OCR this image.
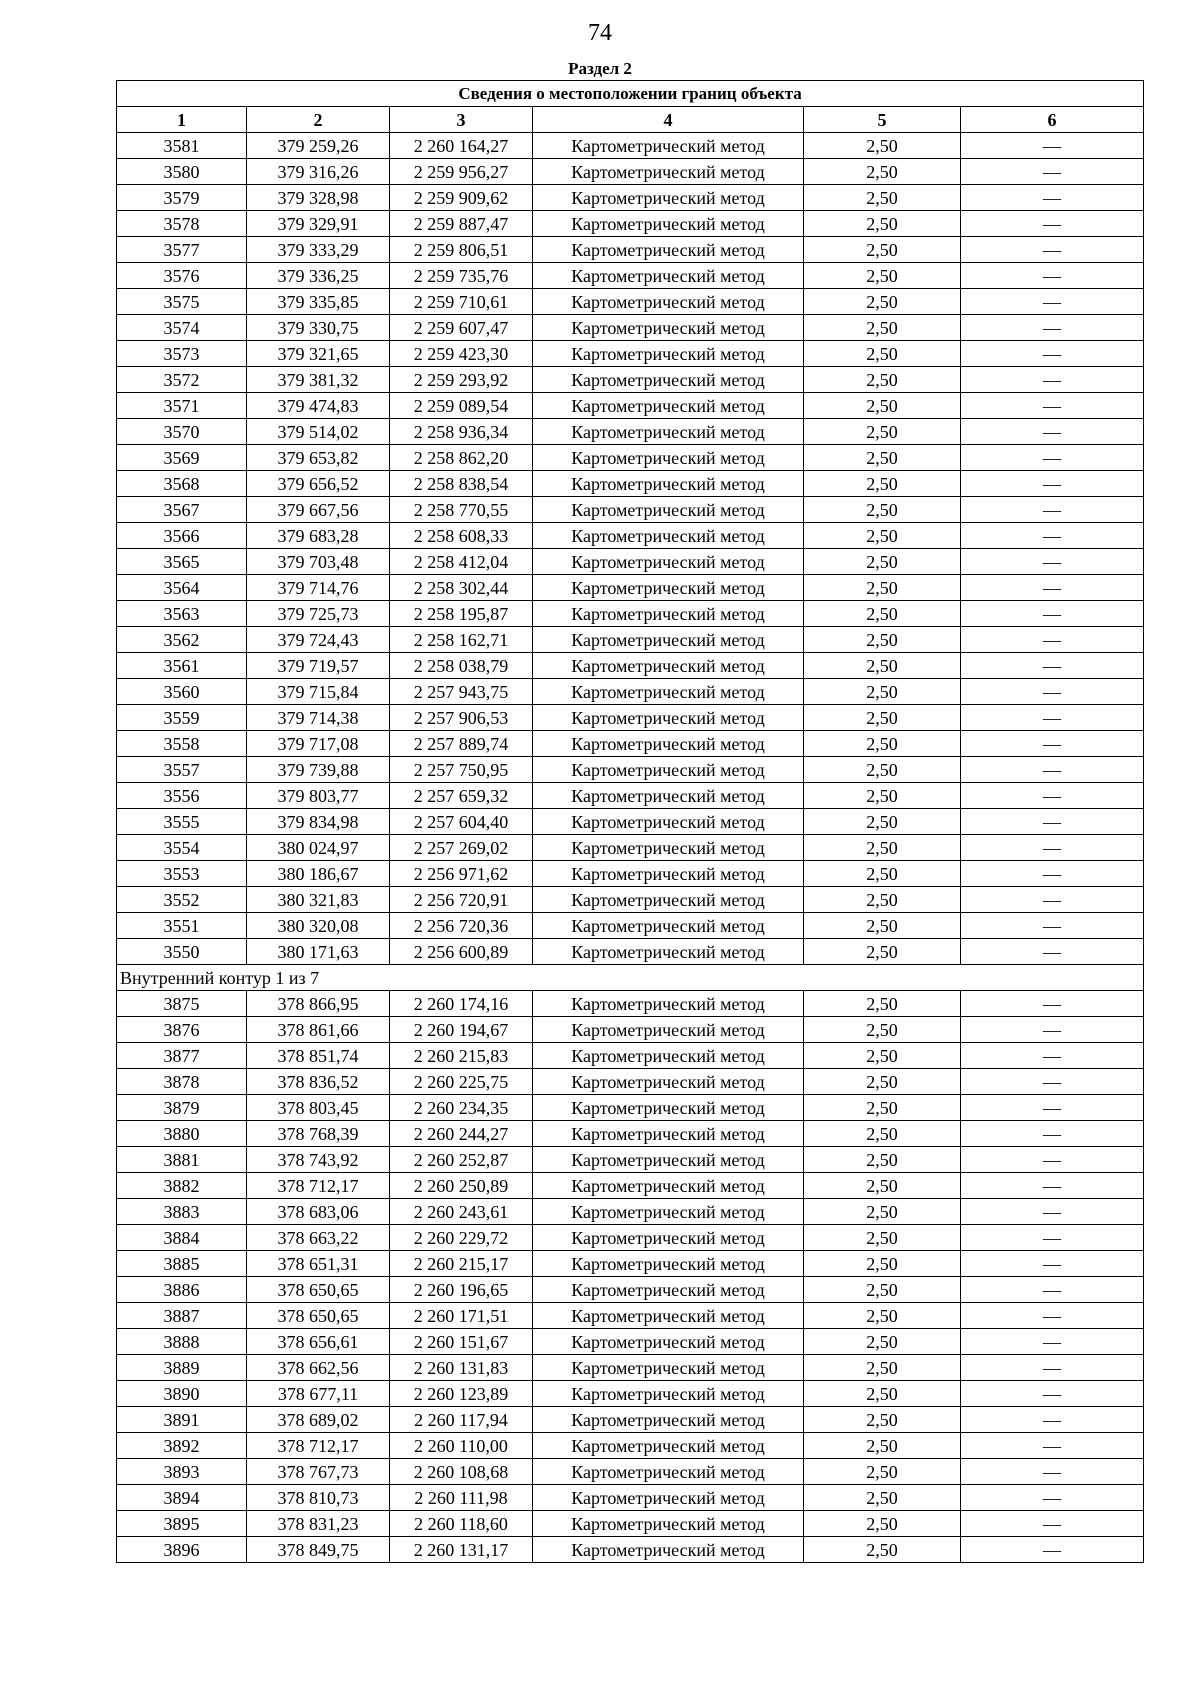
74
Раздел 2
Сведения о местоположении границ объекта					
1	2	3	4	5	6
3581	379 259,26	2 260 164,27	Картометрический метод	2,50	—
3580	379 316,26	2 259 956,27	Картометрический метод	2,50	—
3579	379 328,98	2 259 909,62	Картометрический метод	2,50	—
3578	379 329,91	2 259 887,47	Картометрический метод	2,50	—
3577	379 333,29	2 259 806,51	Картометрический метод	2,50	—
3576	379 336,25	2 259 735,76	Картометрический метод	2,50	—
3575	379 335,85	2 259 710,61	Картометрический метод	2,50	—
3574	379 330,75	2 259 607,47	Картометрический метод	2,50	—
3573	379 321,65	2 259 423,30	Картометрический метод	2,50	—
3572	379 381,32	2 259 293,92	Картометрический метод	2,50	—
3571	379 474,83	2 259 089,54	Картометрический метод	2,50	—
3570	379 514,02	2 258 936,34	Картометрический метод	2,50	—
3569	379 653,82	2 258 862,20	Картометрический метод	2,50	—
3568	379 656,52	2 258 838,54	Картометрический метод	2,50	—
3567	379 667,56	2 258 770,55	Картометрический метод	2,50	—
3566	379 683,28	2 258 608,33	Картометрический метод	2,50	—
3565	379 703,48	2 258 412,04	Картометрический метод	2,50	—
3564	379 714,76	2 258 302,44	Картометрический метод	2,50	—
3563	379 725,73	2 258 195,87	Картометрический метод	2,50	—
3562	379 724,43	2 258 162,71	Картометрический метод	2,50	—
3561	379 719,57	2 258 038,79	Картометрический метод	2,50	—
3560	379 715,84	2 257 943,75	Картометрический метод	2,50	—
3559	379 714,38	2 257 906,53	Картометрический метод	2,50	—
3558	379 717,08	2 257 889,74	Картометрический метод	2,50	—
3557	379 739,88	2 257 750,95	Картометрический метод	2,50	—
3556	379 803,77	2 257 659,32	Картометрический метод	2,50	—
3555	379 834,98	2 257 604,40	Картометрический метод	2,50	—
3554	380 024,97	2 257 269,02	Картометрический метод	2,50	—
3553	380 186,67	2 256 971,62	Картометрический метод	2,50	—
3552	380 321,83	2 256 720,91	Картометрический метод	2,50	—
3551	380 320,08	2 256 720,36	Картометрический метод	2,50	—
3550	380 171,63	2 256 600,89	Картометрический метод	2,50	—
Внутренний контур 1 из 7					
3875	378 866,95	2 260 174,16	Картометрический метод	2,50	—
3876	378 861,66	2 260 194,67	Картометрический метод	2,50	—
3877	378 851,74	2 260 215,83	Картометрический метод	2,50	—
3878	378 836,52	2 260 225,75	Картометрический метод	2,50	—
3879	378 803,45	2 260 234,35	Картометрический метод	2,50	—
3880	378 768,39	2 260 244,27	Картометрический метод	2,50	—
3881	378 743,92	2 260 252,87	Картометрический метод	2,50	—
3882	378 712,17	2 260 250,89	Картометрический метод	2,50	—
3883	378 683,06	2 260 243,61	Картометрический метод	2,50	—
3884	378 663,22	2 260 229,72	Картометрический метод	2,50	—
3885	378 651,31	2 260 215,17	Картометрический метод	2,50	—
3886	378 650,65	2 260 196,65	Картометрический метод	2,50	—
3887	378 650,65	2 260 171,51	Картометрический метод	2,50	—
3888	378 656,61	2 260 151,67	Картометрический метод	2,50	—
3889	378 662,56	2 260 131,83	Картометрический метод	2,50	—
3890	378 677,11	2 260 123,89	Картометрический метод	2,50	—
3891	378 689,02	2 260 117,94	Картометрический метод	2,50	—
3892	378 712,17	2 260 110,00	Картометрический метод	2,50	—
3893	378 767,73	2 260 108,68	Картометрический метод	2,50	—
3894	378 810,73	2 260 111,98	Картометрический метод	2,50	—
3895	378 831,23	2 260 118,60	Картометрический метод	2,50	—
3896	378 849,75	2 260 131,17	Картометрический метод	2,50	—
